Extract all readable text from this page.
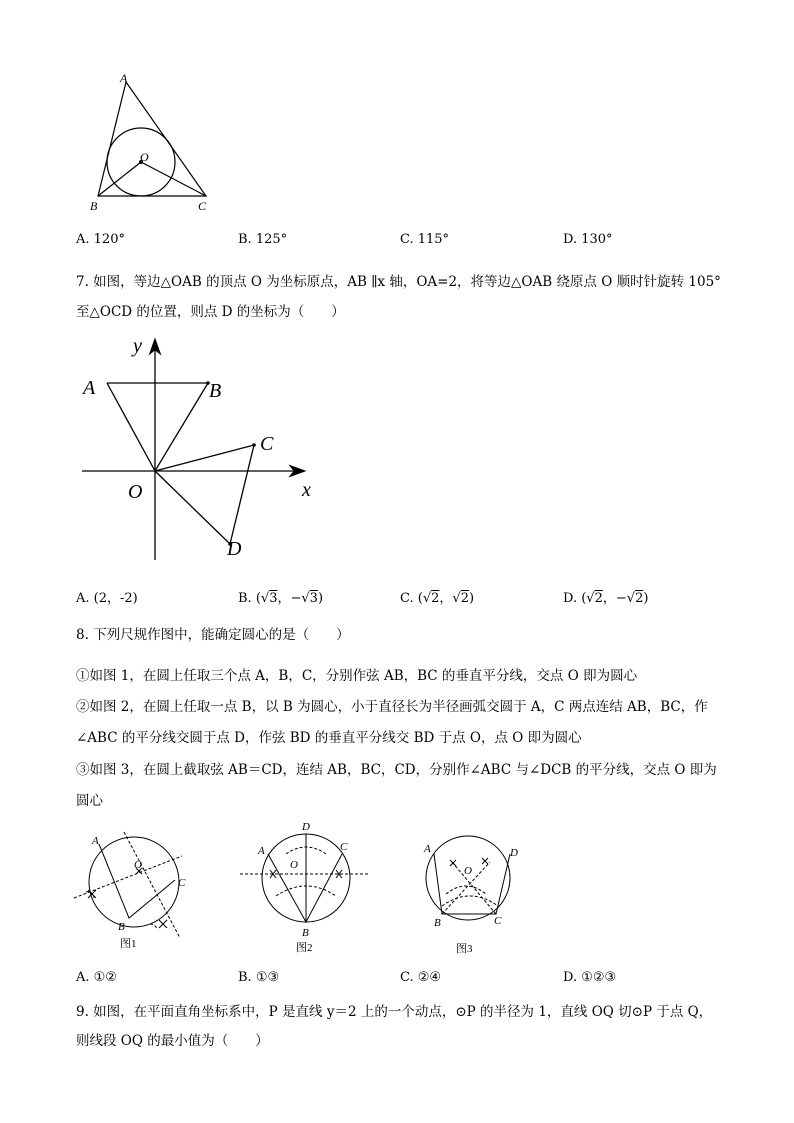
A
B	C
O
A. 120°	B. 125°	C. 115°	D. 130°
7. 如图，等边△OAB 的顶点 O 为坐标原点，AB ∥x 轴，OA=2，将等边△OAB 绕原点 O 顺时针旋转 105°
至△OCD 的位置，则点 D 的坐标为（　　）
y
x
O
A	B
C
D
A. (2，-2)	B. (√3，−√3)	C. (√2，√2)	D. (√2，−√2)
8. 下列尺规作图中，能确定圆心的是（　　）
①如图 1，在圆上任取三个点 A，B，C，分别作弦 AB，BC 的垂直平分线，交点 O 即为圆心
②如图 2，在圆上任取一点 B，以 B 为圆心，小于直径长为半径画弧交圆于 A，C 两点连结 AB，BC，作
∠ABC 的平分线交圆于点 D，作弦 BD 的垂直平分线交 BD 于点 O，点 O 即为圆心
③如图 3，在圆上截取弦 AB＝CD，连结 AB，BC，CD，分别作∠ABC 与∠DCB 的平分线，交点 O 即为
圆心
A
B
C
O
图1
A
B
C
D
O
图2
A
B	C
D
O
图3
A. ①②	B. ①③	C. ②④	D. ①②③
9. 如图，在平面直角坐标系中，P 是直线 y＝2 上的一个动点，⊙P 的半径为 1，直线 OQ 切⊙P 于点 Q，
则线段 OQ 的最小值为（　　）
